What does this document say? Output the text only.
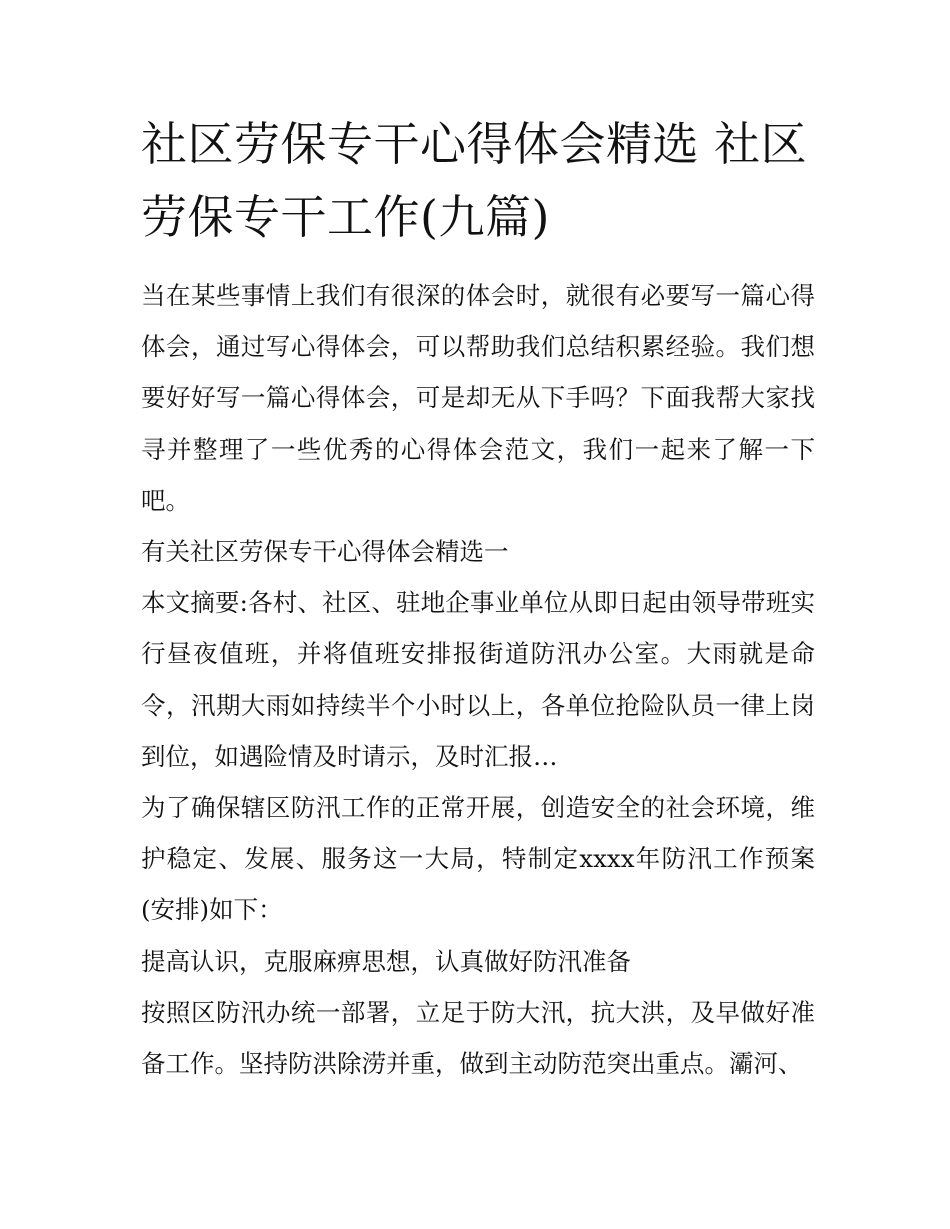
社区劳保专干心得体会精选 社区劳保专干工作(九篇)

当在某些事情上我们有很深的体会时，就很有必要写一篇心得体会，通过写心得体会，可以帮助我们总结积累经验。我们想要好好写一篇心得体会，可是却无从下手吗？下面我帮大家找寻并整理了一些优秀的心得体会范文，我们一起来了解一下吧。

有关社区劳保专干心得体会精选一

本文摘要:各村、社区、驻地企事业单位从即日起由领导带班实行昼夜值班，并将值班安排报街道防汛办公室。大雨就是命令，汛期大雨如持续半个小时以上，各单位抢险队员一律上岗到位，如遇险情及时请示，及时汇报…

为了确保辖区防汛工作的正常开展，创造安全的社会环境，维护稳定、发展、服务这一大局，特制定xxxx年防汛工作预案(安排)如下：

提高认识，克服麻痹思想，认真做好防汛准备

按照区防汛办统一部署，立足于防大汛，抗大洪，及早做好准备工作。坚持防洪除涝并重，做到主动防范突出重点。灞河、
